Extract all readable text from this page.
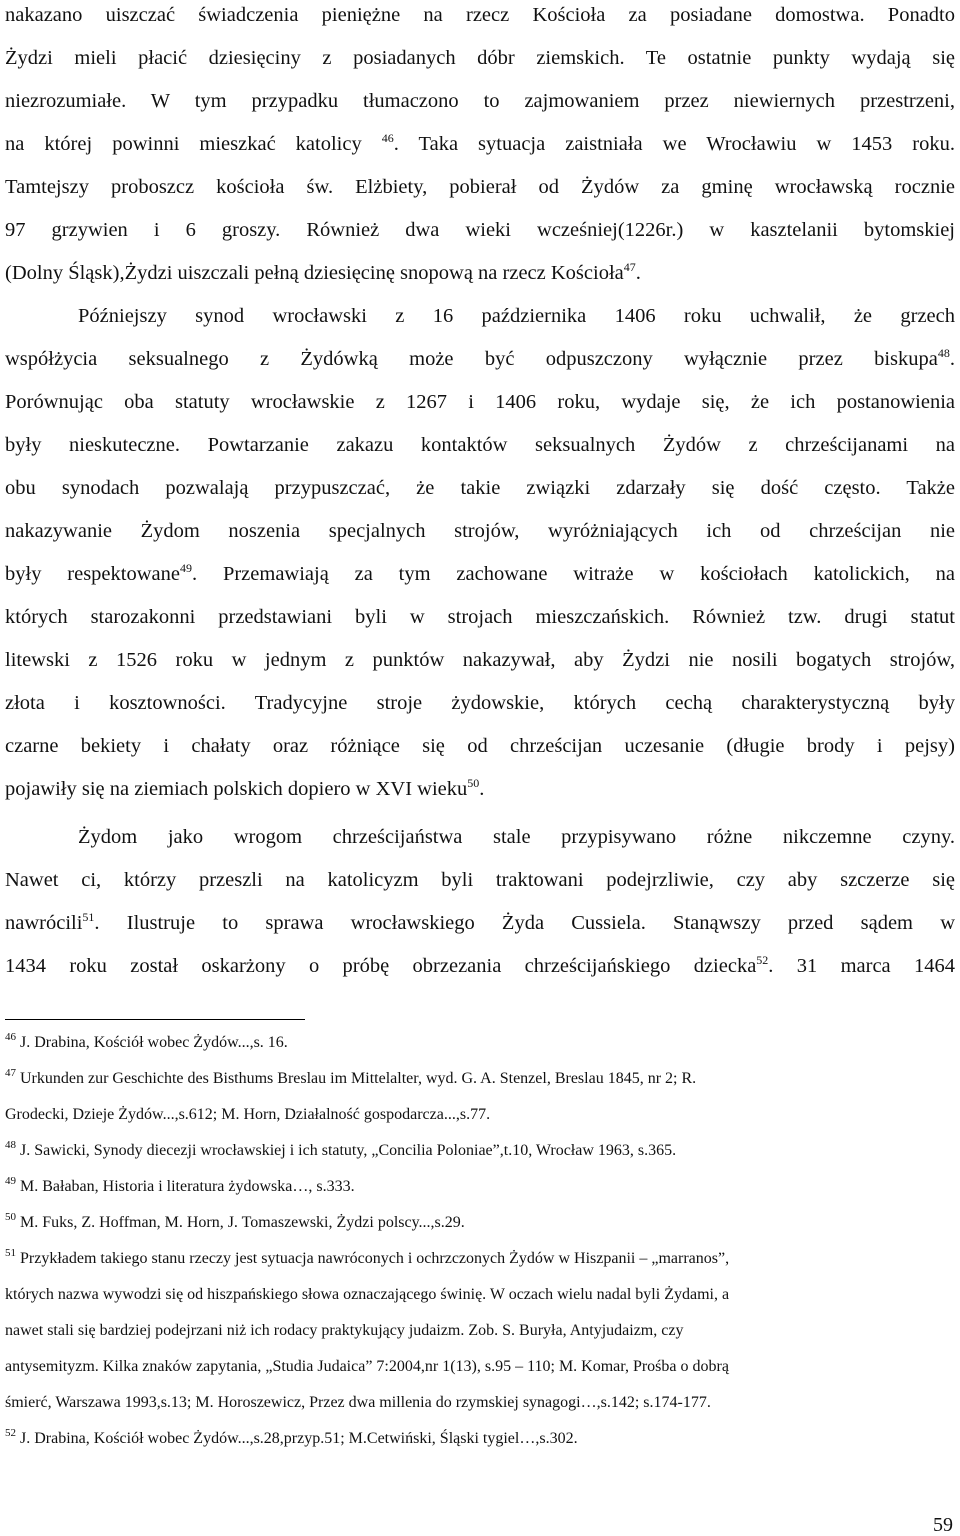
nakazano uiszczać świadczenia pieniężne na rzecz Kościoła za posiadane domostwa. Ponadto
Żydzi mieli płacić dziesięciny z posiadanych dóbr ziemskich. Te ostatnie punkty wydają się
niezrozumiałe. W tym przypadku tłumaczono to zajmowaniem przez niewiernych przestrzeni,
na której powinni mieszkać katolicy $^{46}$. Taka sytuacja zaistniała we Wrocławiu w 1453 roku.
Tamtejszy proboszcz kościoła św. Elżbiety, pobierał od Żydów za gminę wrocławską rocznie
97 grzywien i 6 groszy. Również dwa wieki wcześniej(1226r.) w kasztelanii bytomskiej
(Dolny Śląsk),Żydzi uiszczali pełną dziesięcinę snopową na rzecz Kościoła$^{47}$.
Późniejszy synod wrocławski z 16 października 1406 roku uchwalił, że grzech
współżycia seksualnego z Żydówką może być odpuszczony wyłącznie przez biskupa$^{48}$.
Porównując oba statuty wrocławskie z 1267 i 1406 roku, wydaje się, że ich postanowienia
były nieskuteczne. Powtarzanie zakazu kontaktów seksualnych Żydów z chrześcijanami na
obu synodach pozwalają przypuszczać, że takie związki zdarzały się dość często. Także
nakazywanie Żydom noszenia specjalnych strojów, wyróżniających ich od chrześcijan nie
były respektowane$^{49}$. Przemawiają za tym zachowane witraże w kościołach katolickich, na
których starozakonni przedstawiani byli w strojach mieszczańskich. Również tzw. drugi statut
litewski z 1526 roku w jednym z punktów nakazywał, aby Żydzi nie nosili bogatych strojów,
złota i kosztowności. Tradycyjne stroje żydowskie, których cechą charakterystyczną były
czarne bekiety i chałaty oraz różniące się od chrześcijan uczesanie (długie brody i pejsy)
pojawiły się na ziemiach polskich dopiero w XVI wieku$^{50}$.
Żydom jako wrogom chrześcijaństwa stale przypisywano różne nikczemne czyny.
Nawet ci, którzy przeszli na katolicyzm byli traktowani podejrzliwie, czy aby szczerze się
nawrócili$^{51}$. Ilustruje to sprawa wrocławskiego Żyda Cussiela. Stanąwszy przed sądem w
1434 roku został oskarżony o próbę obrzezania chrześcijańskiego dziecka$^{52}$. 31 marca 1464
$^{46}$ J. Drabina, Kościół wobec Żydów...,s. 16.
$^{47}$ Urkunden zur Geschichte des Bisthums Breslau im Mittelalter, wyd. G. A. Stenzel, Breslau 1845, nr 2; R.
Grodecki, Dzieje Żydów...,s.612; M. Horn, Działalność gospodarcza...,s.77.
$^{48}$ J. Sawicki, Synody diecezji wrocławskiej i ich statuty, „Concilia Poloniae”,t.10, Wrocław 1963, s.365.
$^{49}$ M. Bałaban, Historia i literatura żydowska…, s.333.
$^{50}$ M. Fuks, Z. Hoffman, M. Horn, J. Tomaszewski, Żydzi polscy...,s.29.
$^{51}$ Przykładem takiego stanu rzeczy jest sytuacja nawróconych i ochrzczonych Żydów w Hiszpanii – „marranos”,
których nazwa wywodzi się od hiszpańskiego słowa oznaczającego świnię. W oczach wielu nadal byli Żydami, a
nawet stali się bardziej podejrzani niż ich rodacy praktykujący judaizm. Zob. S. Buryła, Antyjudaizm, czy
antysemityzm. Kilka znaków zapytania, „Studia Judaica” 7:2004,nr 1(13), s.95 – 110; M. Komar, Prośba o dobrą
śmierć, Warszawa 1993,s.13; M. Horoszewicz, Przez dwa millenia do rzymskiej synagogi…,s.142; s.174-177.
$^{52}$ J. Drabina, Kościół wobec Żydów...,s.28,przyp.51; M.Cetwiński, Śląski tygiel…,s.302.
59
